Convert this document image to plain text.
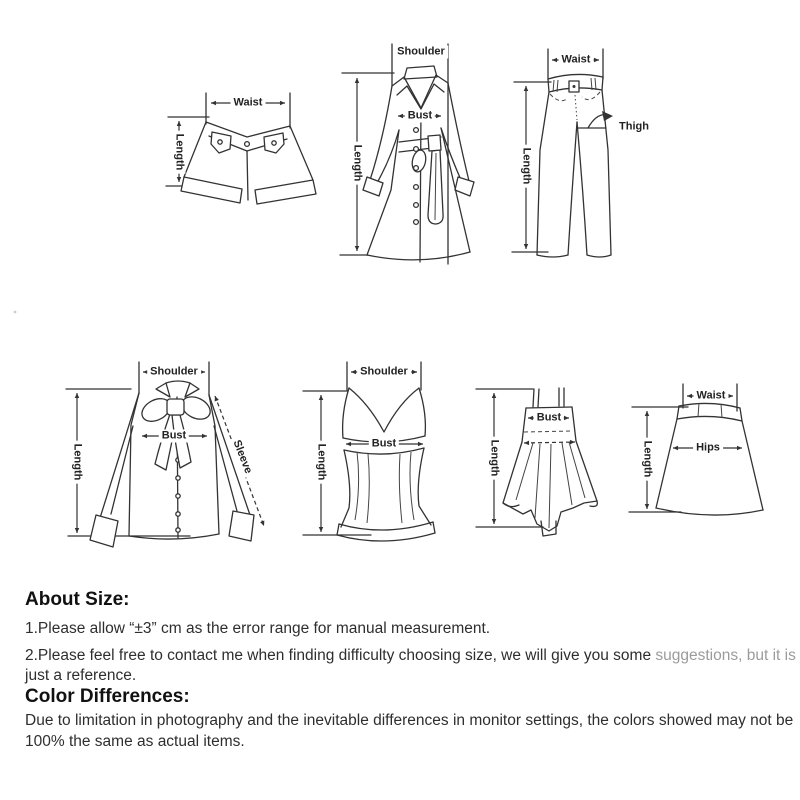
Waist
Length
Shoulder
Bust
Length
Waist
Length
Thigh
Shoulder
Bust
Length	Sleeve
Shoulder
Bust
Length
Bust
Length
Waist
Hips
Length
About Size:
1.Please allow “±3” cm as the error range for manual measurement.
2.Please feel free to contact me when finding difficulty choosing size, we will give you some suggestions, but it is
just a reference.
Color Differences:
Due to limitation in photography and the inevitable differences in monitor settings, the colors showed may not be
100% the same as actual items.
